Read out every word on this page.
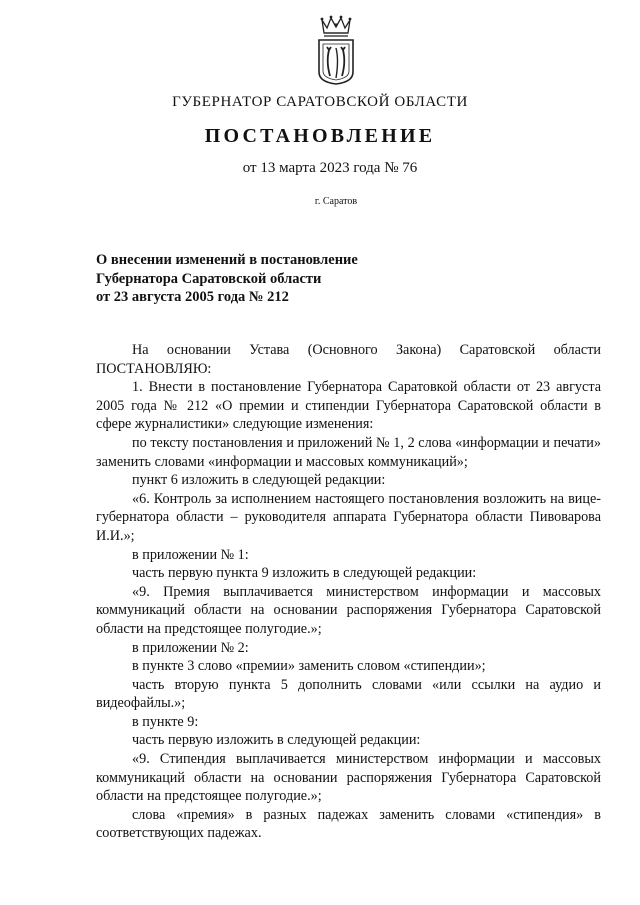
ГУБЕРНАТОР САРАТОВСКОЙ ОБЛАСТИ
ПОСТАНОВЛЕНИЕ
от 13 марта 2023 года № 76
г. Саратов
О внесении изменений в постановление
Губернатора Саратовской области
от 23 августа 2005 года № 212

На основании Устава (Основного Закона) Саратовской области

ПОСТАНОВЛЯЮ:

1. Внести в постановление Губернатора Саратовкой области от 23 августа 2005 года № 212 «О премии и стипендии Губернатора Саратовской области в сфере журналистики» следующие изменения:

по тексту постановления и приложений № 1, 2 слова «информации и печати» заменить словами «информации и массовых коммуникаций»;

пункт 6 изложить в следующей редакции:

«6. Контроль за исполнением настоящего постановления возложить на вице-губернатора области – руководителя аппарата Губернатора области Пивоварова И.И.»;

в приложении № 1:

часть первую пункта 9 изложить в следующей редакции:

«9. Премия выплачивается министерством информации и массовых коммуникаций области на основании распоряжения Губернатора Саратовской области на предстоящее полугодие.»;

в приложении № 2:

в пункте 3 слово «премии» заменить словом «стипендии»;

часть вторую пункта 5 дополнить словами «или ссылки на аудио и видеофайлы.»;

в пункте 9:

часть первую изложить в следующей редакции:

«9. Стипендия выплачивается министерством информации и массовых коммуникаций области на основании распоряжения Губернатора Саратовской области на предстоящее полугодие.»;

слова «премия» в разных падежах заменить словами «стипендия» в соответствующих падежах.
